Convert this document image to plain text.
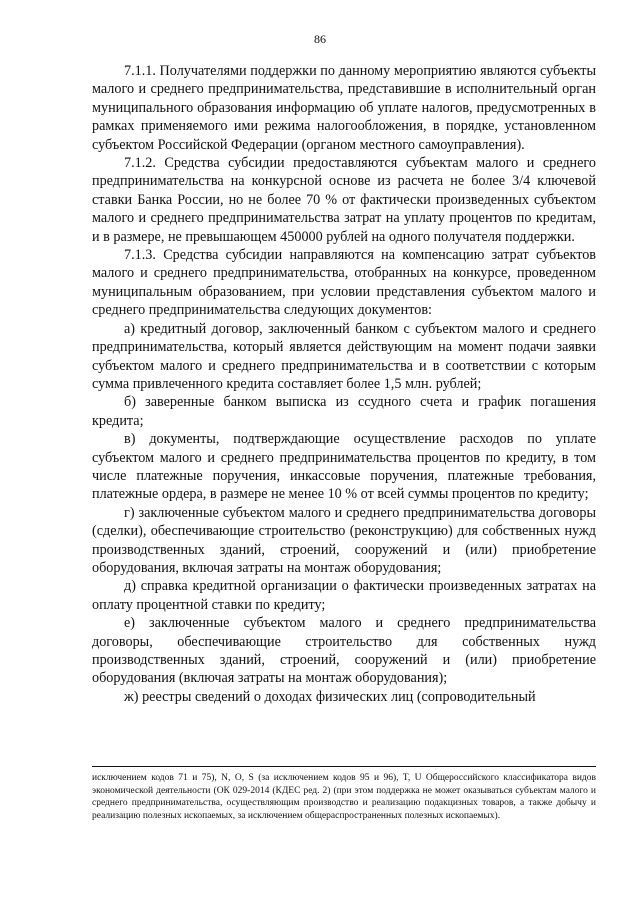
86

7.1.1. Получателями поддержки по данному мероприятию являются субъекты малого и среднего предпринимательства, представившие в исполнительный орган муниципального образования информацию об уплате налогов, предусмотренных в рамках применяемого ими режима налогообложения, в порядке, установленном субъектом Российской Федерации (органом местного самоуправления).

7.1.2. Средства субсидии предоставляются субъектам малого и среднего предпринимательства на конкурсной основе из расчета не более 3/4 ключевой ставки Банка России, но не более 70 % от фактически произведенных субъектом малого и среднего предпринимательства затрат на уплату процентов по кредитам, и в размере, не превышающем 450000 рублей на одного получателя поддержки.

7.1.3. Средства субсидии направляются на компенсацию затрат субъектов малого и среднего предпринимательства, отобранных на конкурсе, проведенном муниципальным образованием, при условии представления субъектом малого и среднего предпринимательства следующих документов:

а) кредитный договор, заключенный банком с субъектом малого и среднего предпринимательства, который является действующим на момент подачи заявки субъектом малого и среднего предпринимательства и в соответствии с которым сумма привлеченного кредита составляет более 1,5 млн. рублей;

б) заверенные банком выписка из ссудного счета и график погашения кредита;

в) документы, подтверждающие осуществление расходов по уплате субъектом малого и среднего предпринимательства процентов по кредиту, в том числе платежные поручения, инкассовые поручения, платежные требования, платежные ордера, в размере не менее 10 % от всей суммы процентов по кредиту;

г) заключенные субъектом малого и среднего предпринимательства договоры (сделки), обеспечивающие строительство (реконструкцию) для собственных нужд производственных зданий, строений, сооружений и (или) приобретение оборудования, включая затраты на монтаж оборудования;

д) справка кредитной организации о фактически произведенных затратах на оплату процентной ставки по кредиту;

е) заключенные субъектом малого и среднего предпринимательства договоры, обеспечивающие строительство для собственных нужд производственных зданий, строений, сооружений и (или) приобретение оборудования (включая затраты на монтаж оборудования);

ж) реестры сведений о доходах физических лиц (сопроводительный

исключением кодов 71 и 75), N, O, S (за исключением кодов 95 и 96), T, U Общероссийского классификатора видов экономической деятельности (ОК 029-2014 (КДЕС ред. 2) (при этом поддержка не может оказываться субъектам малого и среднего предпринимательства, осуществляющим производство и реализацию подакцизных товаров, а также добычу и реализацию полезных ископаемых, за исключением общераспространенных полезных ископаемых).
